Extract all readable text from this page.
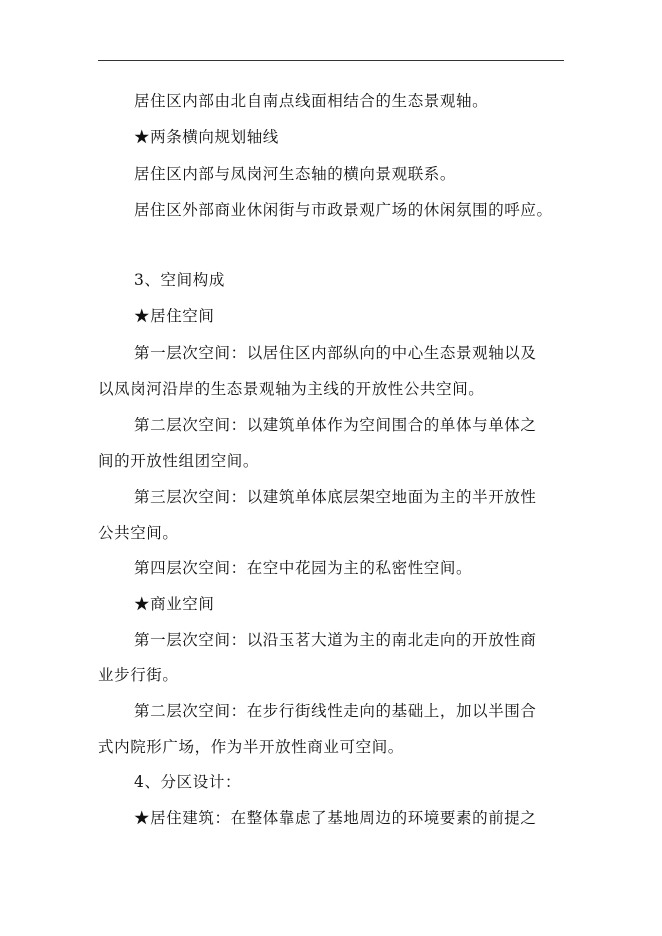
居住区内部由北自南点线面相结合的生态景观轴。
★两条横向规划轴线
居住区内部与凤岗河生态轴的横向景观联系。
居住区外部商业休闲街与市政景观广场的休闲氛围的呼应。
3、空间构成
★居住空间
第一层次空间：以居住区内部纵向的中心生态景观轴以及
以凤岗河沿岸的生态景观轴为主线的开放性公共空间。
第二层次空间：以建筑单体作为空间围合的单体与单体之
间的开放性组团空间。
第三层次空间：以建筑单体底层架空地面为主的半开放性
公共空间。
第四层次空间：在空中花园为主的私密性空间。
★商业空间
第一层次空间：以沿玉茗大道为主的南北走向的开放性商
业步行街。
第二层次空间：在步行街线性走向的基础上，加以半围合
式内院形广场，作为半开放性商业可空间。
4、分区设计：
★居住建筑：在整体靠虑了基地周边的环境要素的前提之
